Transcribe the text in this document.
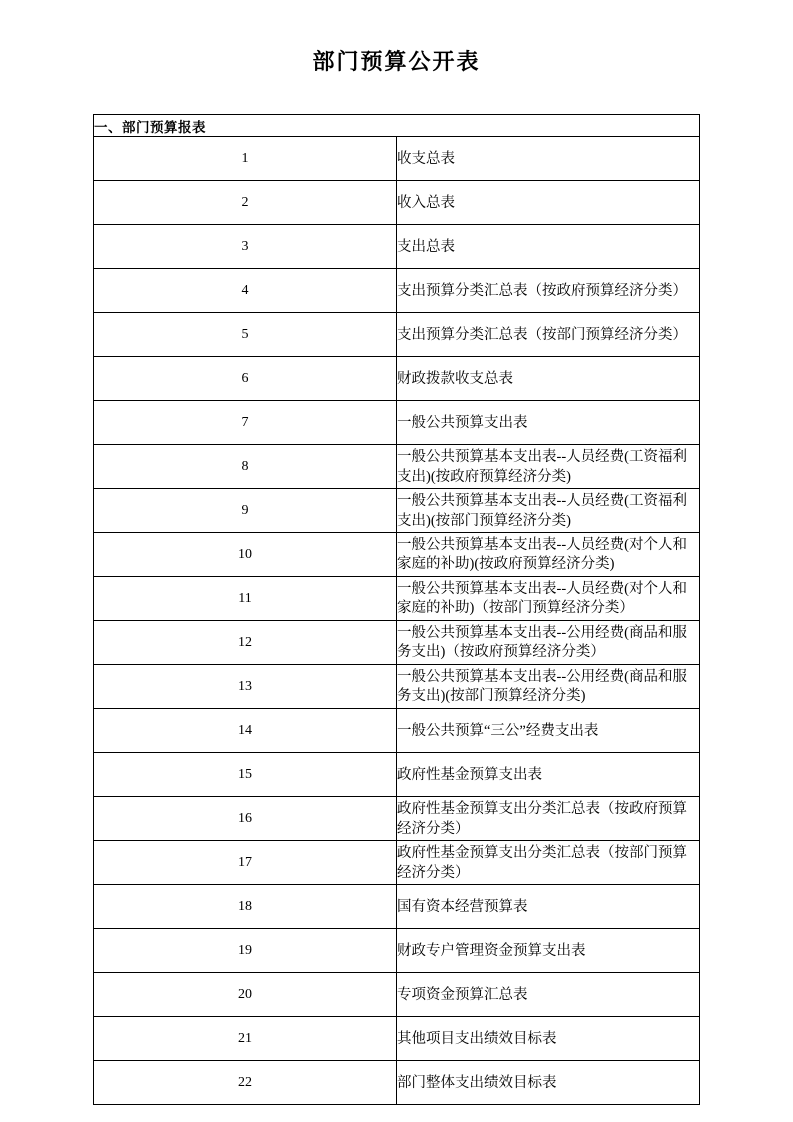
部门预算公开表
一、部门预算报表	
1	收支总表

2	收入总表

3	支出总表

4	支出预算分类汇总表（按政府预算经济分类）

5	支出预算分类汇总表（按部门预算经济分类）

6	财政拨款收支总表

7	一般公共预算支出表

8	一般公共预算基本支出表--人员经费(工资福利支出)(按政府预算经济分类)

9	一般公共预算基本支出表--人员经费(工资福利支出)(按部门预算经济分类)

10	一般公共预算基本支出表--人员经费(对个人和家庭的补助)(按政府预算经济分类)

11	一般公共预算基本支出表--人员经费(对个人和家庭的补助)（按部门预算经济分类）

12	一般公共预算基本支出表--公用经费(商品和服务支出)（按政府预算经济分类）

13	一般公共预算基本支出表--公用经费(商品和服务支出)(按部门预算经济分类)

14	一般公共预算“三公”经费支出表

15	政府性基金预算支出表

16	政府性基金预算支出分类汇总表（按政府预算经济分类）

17	政府性基金预算支出分类汇总表（按部门预算经济分类）

18	国有资本经营预算表

19	财政专户管理资金预算支出表

20	专项资金预算汇总表

21	其他项目支出绩效目标表

22	部门整体支出绩效目标表
